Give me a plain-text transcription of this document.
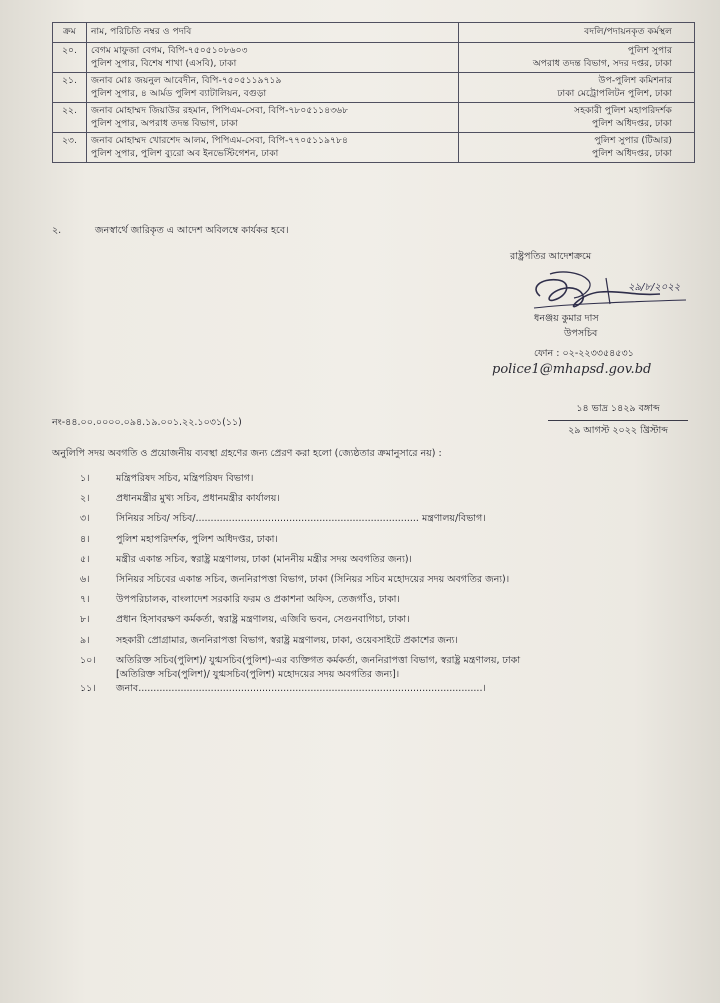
ক্রম	নাম, পরিচিতি নম্বর ও পদবি	বদলি/পদায়নকৃত কর্মস্থল

২০.	বেগম মাফুজা বেগম, বিপি-৭৫০৫১০৮৬০৩
পুলিশ সুপার, বিশেষ শাখা (এসবি), ঢাকা	পুলিশ সুপার
অপরাধ তদন্ত বিভাগ, সদর দপ্তর, ঢাকা

২১.	জনাব মোঃ জয়নুল আবেদীন, বিপি-৭৫০৫১১৯৭১৯
পুলিশ সুপার, ৪ আর্মড পুলিশ ব্যাটালিয়ন, বগুড়া	উপ-পুলিশ কমিশনার
ঢাকা মেট্রোপলিটন পুলিশ, ঢাকা

২২.	জনাব মোহাম্মদ জিয়াউর রহমান, পিপিএম-সেবা, বিপি-৭৮০৫১১৪৩৬৮
পুলিশ সুপার, অপরাধ তদন্ত বিভাগ, ঢাকা	সহকারী পুলিশ মহাপরিদর্শক
পুলিশ অধিদপ্তর, ঢাকা

২৩.	জনাব মোহাম্মদ খোরশেদ আলম, পিপিএম-সেবা, বিপি-৭৭০৫১১৯৭৮৪
পুলিশ সুপার, পুলিশ ব্যুরো অব ইনভেস্টিগেশন, ঢাকা	পুলিশ সুপার (টিআর)
পুলিশ অধিদপ্তর, ঢাকা
২.	জনস্বার্থে জারিকৃত এ আদেশ অবিলম্বে কার্যকর হবে।
রাষ্ট্রপতির আদেশক্রমে
২৯/৮/২০২২
ধনঞ্জয় কুমার দাস
উপসচিব
ফোন : ০২-২২৩৩৫৪৫৩১
police1@mhapsd.gov.bd
নং-৪৪.০০.০০০০.০৯৪.১৯.০০১.২২.১০৩১(১১)
১৪ ভাদ্র ১৪২৯ বঙ্গাব্দ
২৯ আগস্ট ২০২২ খ্রিস্টাব্দ
অনুলিপি সদয় অবগতি ও প্রয়োজনীয় ব্যবস্থা গ্রহণের জন্য প্রেরণ করা হলো (জ্যেষ্ঠতার ক্রমানুসারে নয়) :
১।	মন্ত্রিপরিষদ সচিব, মন্ত্রিপরিষদ বিভাগ।
২।	প্রধানমন্ত্রীর মুখ্য সচিব, প্রধানমন্ত্রীর কার্যালয়।
৩।	সিনিয়র সচিব/ সচিব/.......................................................................... মন্ত্রণালয়/বিভাগ।
৪।	পুলিশ মহাপরিদর্শক, পুলিশ অধিদপ্তর, ঢাকা।
৫।	মন্ত্রীর একান্ত সচিব, স্বরাষ্ট্র মন্ত্রণালয়, ঢাকা (মাননীয় মন্ত্রীর সদয় অবগতির জন্য)।
৬।	সিনিয়র সচিবের একান্ত সচিব, জননিরাপত্তা বিভাগ, ঢাকা (সিনিয়র সচিব মহোদয়ের সদয় অবগতির জন্য)।
৭।	উপপরিচালক, বাংলাদেশ সরকারি ফরম ও প্রকাশনা অফিস, তেজগাঁও, ঢাকা।
৮।	প্রধান হিসাবরক্ষণ কর্মকর্তা, স্বরাষ্ট্র মন্ত্রণালয়, এজিবি ভবন, সেগুনবাগিচা, ঢাকা।
৯।	সহকারী প্রোগ্রামার, জননিরাপত্তা বিভাগ, স্বরাষ্ট্র মন্ত্রণালয়, ঢাকা, ওয়েবসাইটে প্রকাশের জন্য।
১০।	অতিরিক্ত সচিব(পুলিশ)/ যুগ্মসচিব(পুলিশ)-এর ব্যক্তিগত কর্মকর্তা, জননিরাপত্তা বিভাগ, স্বরাষ্ট্র মন্ত্রণালয়, ঢাকা
[অতিরিক্ত সচিব(পুলিশ)/ যুগ্মসচিব(পুলিশ) মহোদয়ের সদয় অবগতির জন্য]।
১১।	জনাব..................................................................................................................।
